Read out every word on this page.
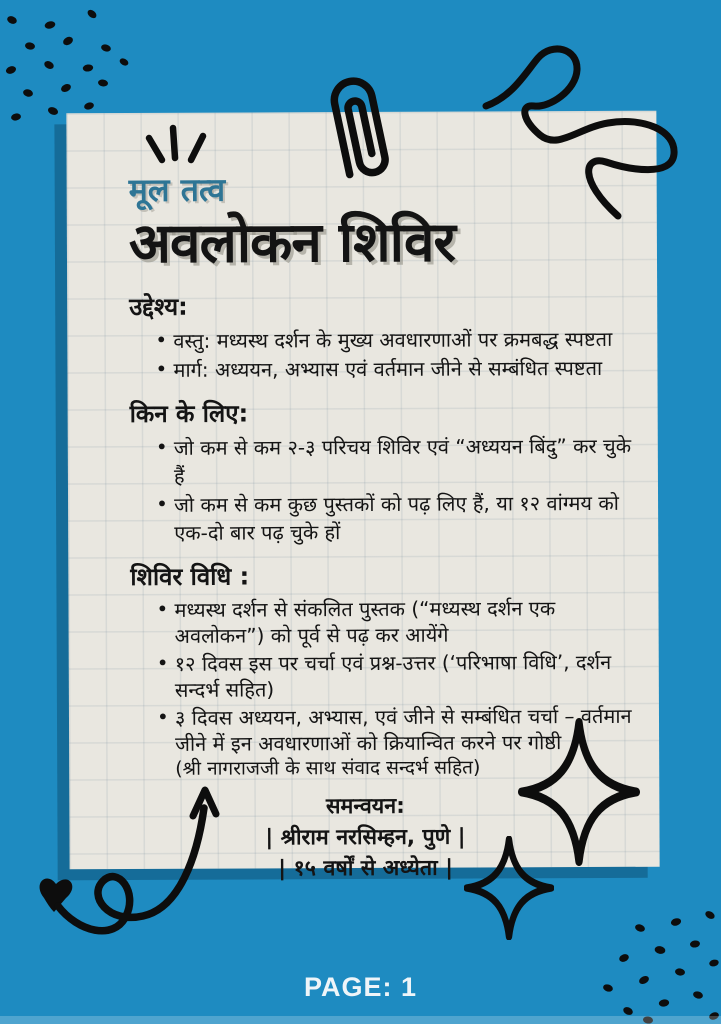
मूल तत्व
अवलोकन शिविर
उद्देश्य:
• वस्तु: मध्यस्थ दर्शन के मुख्य अवधारणाओं पर क्रमबद्ध स्पष्टता
• मार्ग: अध्ययन, अभ्यास एवं वर्तमान जीने से सम्बंधित स्पष्टता
किन के लिए:
• जो कम से कम २-३ परिचय शिविर एवं “अध्ययन बिंदु” कर चुके हैं
• जो कम से कम कुछ पुस्तकों को पढ़ लिए हैं, या १२ वांग्मय को एक-दो बार पढ़ चुके हों
शिविर विधि :
• मध्यस्थ दर्शन से संकलित पुस्तक (“मध्यस्थ दर्शन एक अवलोकन”) को पूर्व से पढ़ कर आयेंगे
• १२ दिवस इस पर चर्चा एवं प्रश्न-उत्तर (‘परिभाषा विधि’, दर्शन सन्दर्भ सहित)
• ३ दिवस अध्ययन, अभ्यास, एवं जीने से सम्बंधित चर्चा – वर्तमान जीने में इन अवधारणाओं को क्रियान्वित करने पर गोष्ठी
(श्री नागराजजी के साथ संवाद सन्दर्भ सहित)
समन्वयन:
| श्रीराम नरसिम्हन, पुणे |
| १५ वर्षों से अध्येता |
PAGE: 1
